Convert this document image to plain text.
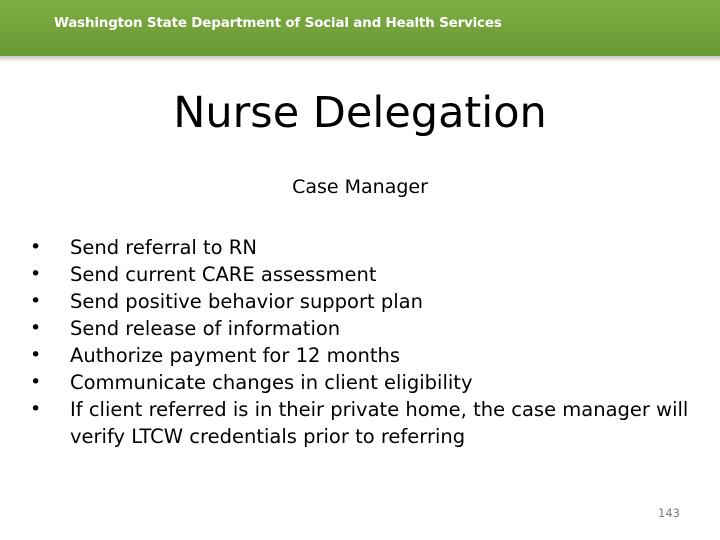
Washington State Department of Social and Health Services
Nurse Delegation
Case Manager
• Send referral to RN
• Send current CARE assessment
• Send positive behavior support plan
• Send release of information
• Authorize payment for 12 months
• Communicate changes in client eligibility
• If client referred is in their private home, the case manager will verify LTCW credentials prior to referring
143
